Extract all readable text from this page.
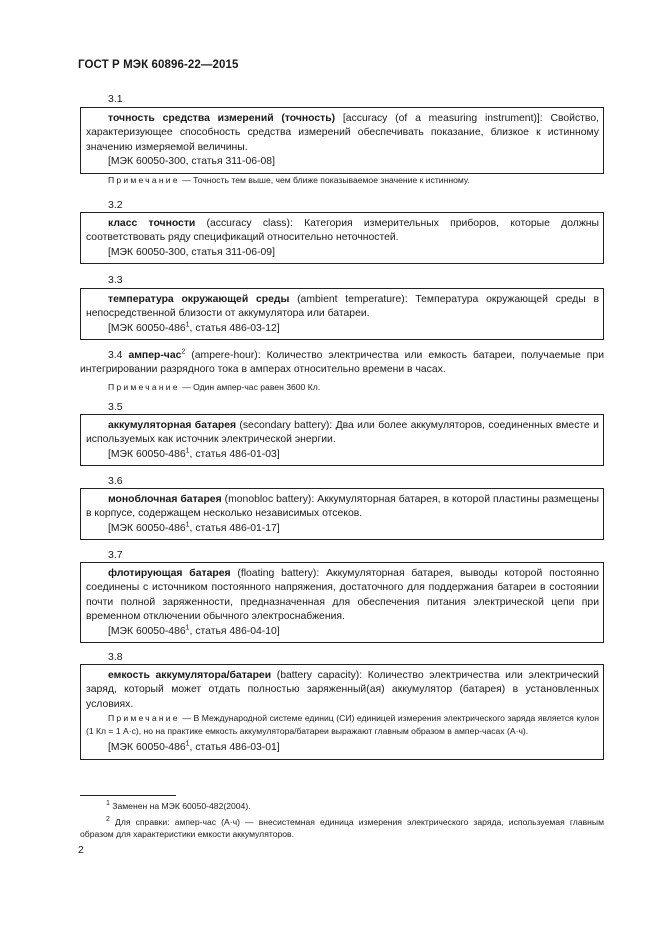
ГОСТ Р МЭК 60896-22—2015
3.1

точность средства измерений (точность) [accuracy (of a measuring instrument)]: Свойство, характеризующее способность средства измерений обеспечивать показание, близкое к истинному значению измеряемой величины.

[МЭК 60050-300, статья 311-06-08]

Примечание — Точность тем выше, чем ближе показываемое значение к истинному.
3.2

класс точности (accuracy class): Категория измерительных приборов, которые должны соответствовать ряду спецификаций относительно неточностей.

[МЭК 60050-300, статья 311-06-09]

3.3

температура окружающей среды (ambient temperature): Температура окружающей среды в непосредственной близости от аккумулятора или батареи.

[МЭК $60050-486^1$, статья 486-03-12]

3.4 ампер-час$^2$ (ampere-hour): Количество электричества или емкость батареи, получаемые при интегрировании разрядного тока в амперах относительно времени в часах.
Примечание — Один ампер-час равен 3600 Кл.
3.5

аккумуляторная батарея (secondary battery): Два или более аккумуляторов, соединенных вместе и используемых как источник электрической энергии.

[МЭК $60050-486^1$, статья 486-01-03]

3.6

моноблочная батарея (monobloc battery): Аккумуляторная батарея, в которой пластины размещены в корпусе, содержащем несколько независимых отсеков.

[МЭК $60050-486^1$, статья 486-01-17]

3.7

флотирующая батарея (floating battery): Аккумуляторная батарея, выводы которой постоянно соединены с источником постоянного напряжения, достаточного для поддержания батареи в состоянии почти полной заряженности, предназначенная для обеспечения питания электрической цепи при временном отключении обычного электроснабжения.

[МЭК $60050-486^1$, статья 486-04-10]

3.8

емкость аккумулятора/батареи (battery capacity): Количество электричества или электрический заряд, который может отдать полностью заряженный(ая) аккумулятор (батарея) в установленных условиях.

Примечание — В Международной системе единиц (СИ) единицей измерения электрического заряда является кулон (1 Кл = 1 А·с), но на практике емкость аккумулятора/батареи выражают главным образом в ампер-часах (А·ч).

[МЭК $60050-486^1$, статья 486-03-01]

$^1$ Заменен на МЭК 60050-482(2004).
$^2$ Для справки: ампер-час (А·ч) — внесистемная единица измерения электрического заряда, используемая главным образом для характеристики емкости аккумуляторов.
2
